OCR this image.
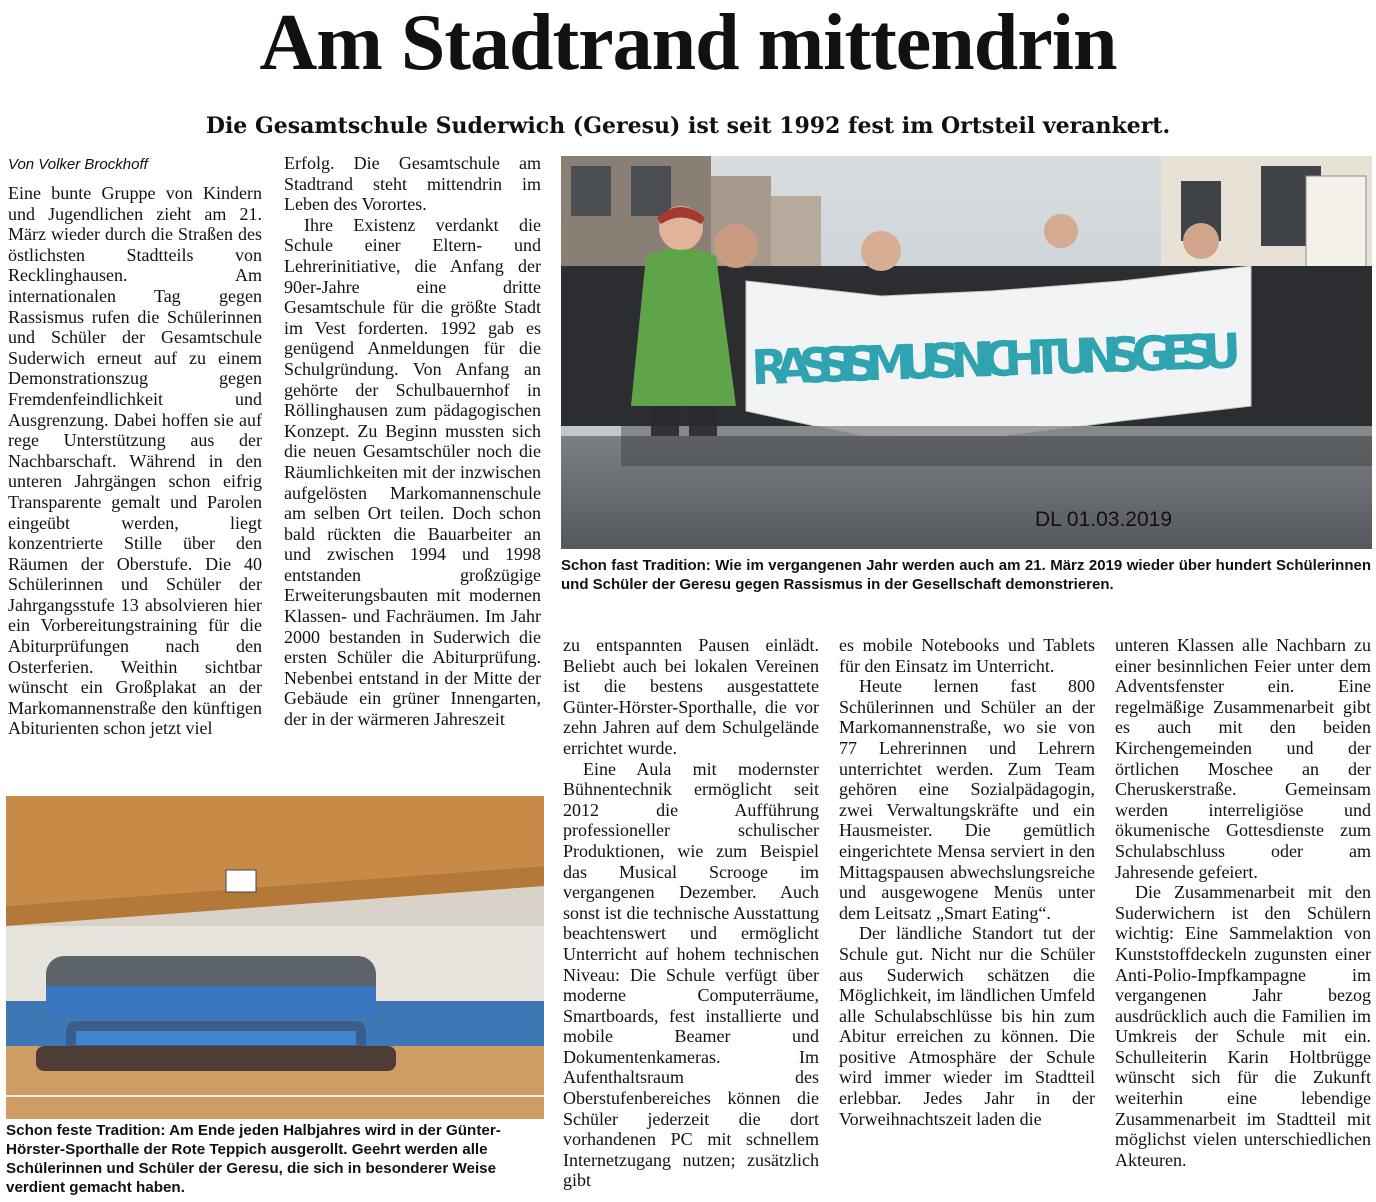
Am Stadtrand mittendrin
Die Gesamtschule Suderwich (Geresu) ist seit 1992 fest im Ortsteil verankert.
Von Volker Brockhoff

Eine bunte Gruppe von Kindern und Jugendlichen zieht am 21. März wieder durch die Straßen des östlichsten Stadtteils von Recklinghausen. Am internationalen Tag gegen Rassismus rufen die Schülerinnen und Schüler der Gesamtschule Suderwich erneut auf zu einem Demonstrationszug gegen Fremdenfeindlichkeit und Ausgrenzung. Dabei hoffen sie auf rege Unterstützung aus der Nachbarschaft. Während in den unteren Jahrgängen schon eifrig Transparente gemalt und Parolen eingeübt werden, liegt konzentrierte Stille über den Räumen der Oberstufe. Die 40 Schülerinnen und Schüler der Jahrgangsstufe 13 absolvieren hier ein Vorbereitungstraining für die Abiturprüfungen nach den Osterferien. Weithin sichtbar wünscht ein Großplakat an der Markomannenstraße den künftigen Abiturienten schon jetzt viel

Erfolg. Die Gesamtschule am Stadtrand steht mittendrin im Leben des Vorortes.

Ihre Existenz verdankt die Schule einer Eltern- und Lehrerinitiative, die Anfang der 90er-Jahre eine dritte Gesamtschule für die größte Stadt im Vest forderten. 1992 gab es genügend Anmeldungen für die Schulgründung. Von Anfang an gehörte der Schulbauernhof in Röllinghausen zum pädagogischen Konzept. Zu Beginn mussten sich die neuen Gesamtschüler noch die Räumlichkeiten mit der inzwischen aufgelösten Markomannenschule am selben Ort teilen. Doch schon bald rückten die Bauarbeiter an und zwischen 1994 und 1998 entstanden großzügige Erweiterungsbauten mit modernen Klassen- und Fachräumen. Im Jahr 2000 bestanden in Suderwich die ersten Schüler die Abiturprüfung. Nebenbei entstand in der Mitte der Gebäude ein grüner Innengarten, der in der wärmeren Jahreszeit

RASSISMUS NICHT UNS G ESU
DL 01.03.2019
Schon fast Tradition: Wie im vergangenen Jahr werden auch am 21. März 2019 wieder über hundert Schülerinnen und Schüler der Geresu gegen Rassismus in der Gesellschaft demonstrieren.
Schon feste Tradition: Am Ende jeden Halbjahres wird in der Günter-Hörster-Sporthalle der Rote Teppich ausgerollt. Geehrt werden alle Schülerinnen und Schüler der Geresu, die sich in besonderer Weise verdient gemacht haben.

zu entspannten Pausen einlädt. Beliebt auch bei lokalen Vereinen ist die bestens ausgestattete Günter-Hörster-Sporthalle, die vor zehn Jahren auf dem Schulgelände errichtet wurde.

Eine Aula mit modernster Bühnentechnik ermöglicht seit 2012 die Aufführung professioneller schulischer Produktionen, wie zum Beispiel das Musical Scrooge im vergangenen Dezember. Auch sonst ist die technische Ausstattung beachtenswert und ermöglicht Unterricht auf hohem technischen Niveau: Die Schule verfügt über moderne Computerräume, Smartboards, fest installierte und mobile Beamer und Dokumentenkameras. Im Aufenthaltsraum des Oberstufenbereiches können die Schüler jederzeit die dort vorhandenen PC mit schnellem Internetzugang nutzen; zusätzlich gibt

es mobile Notebooks und Tablets für den Einsatz im Unterricht.

Heute lernen fast 800 Schülerinnen und Schüler an der Markomannenstraße, wo sie von 77 Lehrerinnen und Lehrern unterrichtet werden. Zum Team gehören eine Sozialpädagogin, zwei Verwaltungskräfte und ein Hausmeister. Die gemütlich eingerichtete Mensa serviert in den Mittagspausen abwechslungsreiche und ausgewogene Menüs unter dem Leitsatz „Smart Eating“.

Der ländliche Standort tut der Schule gut. Nicht nur die Schüler aus Suderwich schätzen die Möglichkeit, im ländlichen Umfeld alle Schulabschlüsse bis hin zum Abitur erreichen zu können. Die positive Atmosphäre der Schule wird immer wieder im Stadtteil erlebbar. Jedes Jahr in der Vorweihnachtszeit laden die

unteren Klassen alle Nachbarn zu einer besinnlichen Feier unter dem Adventsfenster ein. Eine regelmäßige Zusammenarbeit gibt es auch mit den beiden Kirchengemeinden und der örtlichen Moschee an der Cheruskerstraße. Gemeinsam werden interreligiöse und ökumenische Gottesdienste zum Schulabschluss oder am Jahresende gefeiert.

Die Zusammenarbeit mit den Suderwichern ist den Schülern wichtig: Eine Sammelaktion von Kunststoffdeckeln zugunsten einer Anti-Polio-Impfkampagne im vergangenen Jahr bezog ausdrücklich auch die Familien im Umkreis der Schule mit ein. Schulleiterin Karin Holtbrügge wünscht sich für die Zukunft weiterhin eine lebendige Zusammenarbeit im Stadtteil mit möglichst vielen unterschiedlichen Akteuren.
